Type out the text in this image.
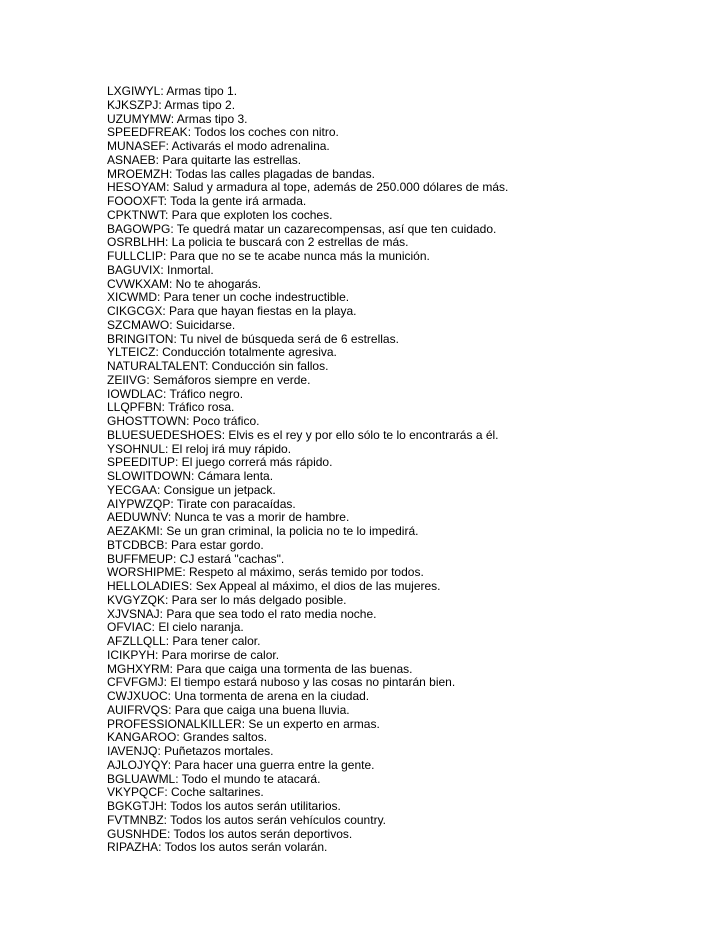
LXGIWYL: Armas tipo 1.
KJKSZPJ: Armas tipo 2.
UZUMYMW: Armas tipo 3.
SPEEDFREAK: Todos los coches con nitro.
MUNASEF: Activarás el modo adrenalina.
ASNAEB: Para quitarte las estrellas.
MROEMZH: Todas las calles plagadas de bandas.
HESOYAM: Salud y armadura al tope, además de 250.000 dólares de más.
FOOOXFT: Toda la gente irá armada.
CPKTNWT: Para que exploten los coches.
BAGOWPG: Te quedrá matar un cazarecompensas, así que ten cuidado.
OSRBLHH: La policia te buscará con 2 estrellas de más.
FULLCLIP: Para que no se te acabe nunca más la munición.
BAGUVIX: Inmortal.
CVWKXAM: No te ahogarás.
XICWMD: Para tener un coche indestructible.
CIKGCGX: Para que hayan fiestas en la playa.
SZCMAWO: Suicidarse.
BRINGITON: Tu nivel de búsqueda será de 6 estrellas.
YLTEICZ: Conducción totalmente agresiva.
NATURALTALENT: Conducción sin fallos.
ZEIIVG: Semáforos siempre en verde.
IOWDLAC: Tráfico negro.
LLQPFBN: Tráfico rosa.
GHOSTTOWN: Poco tráfico.
BLUESUEDESHOES: Elvis es el rey y por ello sólo te lo encontrarás a él.
YSOHNUL: El reloj irá muy rápido.
SPEEDITUP: El juego correrá más rápido.
SLOWITDOWN: Cámara lenta.
YECGAA: Consigue un jetpack.
AIYPWZQP: Tirate con paracaídas.
AEDUWNV: Nunca te vas a morir de hambre.
AEZAKMI: Se un gran criminal, la policia no te lo impedirá.
BTCDBCB: Para estar gordo.
BUFFMEUP: CJ estará "cachas".
WORSHIPME: Respeto al máximo, serás temido por todos.
HELLOLADIES: Sex Appeal al máximo, el dios de las mujeres.
KVGYZQK: Para ser lo más delgado posible.
XJVSNAJ: Para que sea todo el rato media noche.
OFVIAC: El cielo naranja.
AFZLLQLL: Para tener calor.
ICIKPYH: Para morirse de calor.
MGHXYRM: Para que caiga una tormenta de las buenas.
CFVFGMJ: El tiempo estará nuboso y las cosas no pintarán bien.
CWJXUOC: Una tormenta de arena en la ciudad.
AUIFRVQS: Para que caiga una buena lluvia.
PROFESSIONALKILLER: Se un experto en armas.
KANGAROO: Grandes saltos.
IAVENJQ: Puñetazos mortales.
AJLOJYQY: Para hacer una guerra entre la gente.
BGLUAWML: Todo el mundo te atacará.
VKYPQCF: Coche saltarines.
BGKGTJH: Todos los autos serán utilitarios.
FVTMNBZ: Todos los autos serán vehículos country.
GUSNHDE: Todos los autos serán deportivos.
RIPAZHA: Todos los autos serán volarán.
